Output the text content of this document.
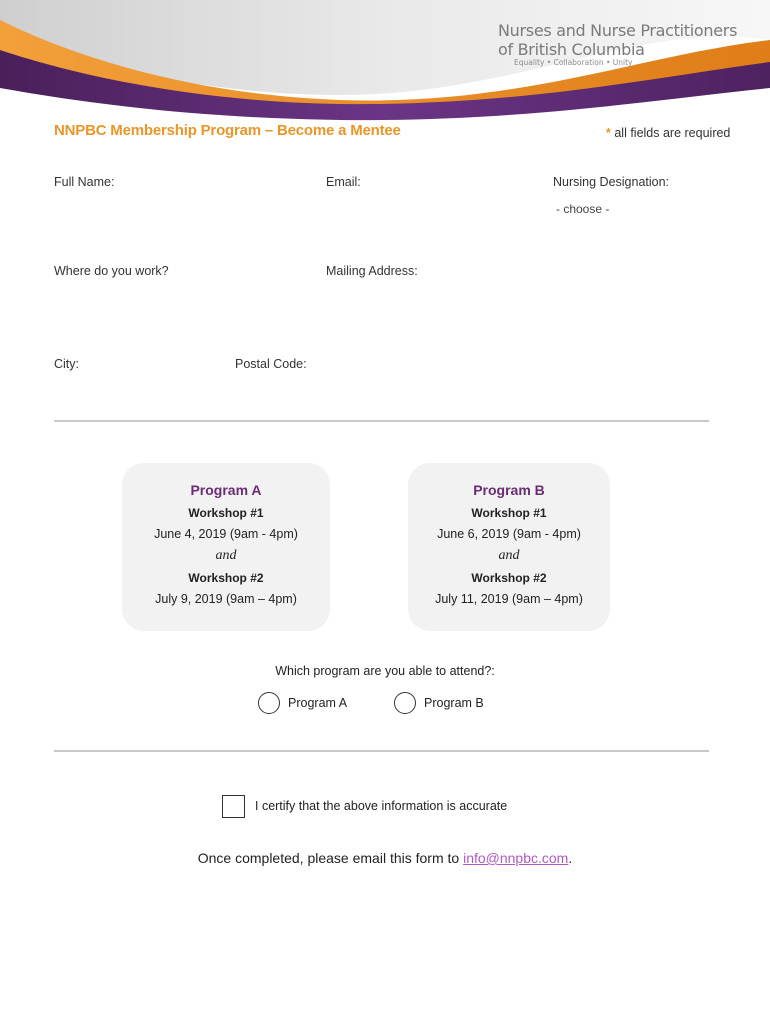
Nurses and Nurse Practitioners
of British Columbia
Equality • Collaboration • Unity
NNPBC Membership Program – Become a Mentee	* all fields are required
Full Name:	Email:	Nursing Designation:
- choose -
Where do you work?	Mailing Address:
City:	Postal Code:
Program A
Workshop #1
June 4, 2019 (9am - 4pm)
and
Workshop #2
July 9, 2019 (9am – 4pm)
Program B
Workshop #1
June 6, 2019 (9am - 4pm)
and
Workshop #2
July 11, 2019 (9am – 4pm)
Which program are you able to attend?:
Program A	Program B
I certify that the above information is accurate
Once completed, please email this form to info@nnpbc.com.
